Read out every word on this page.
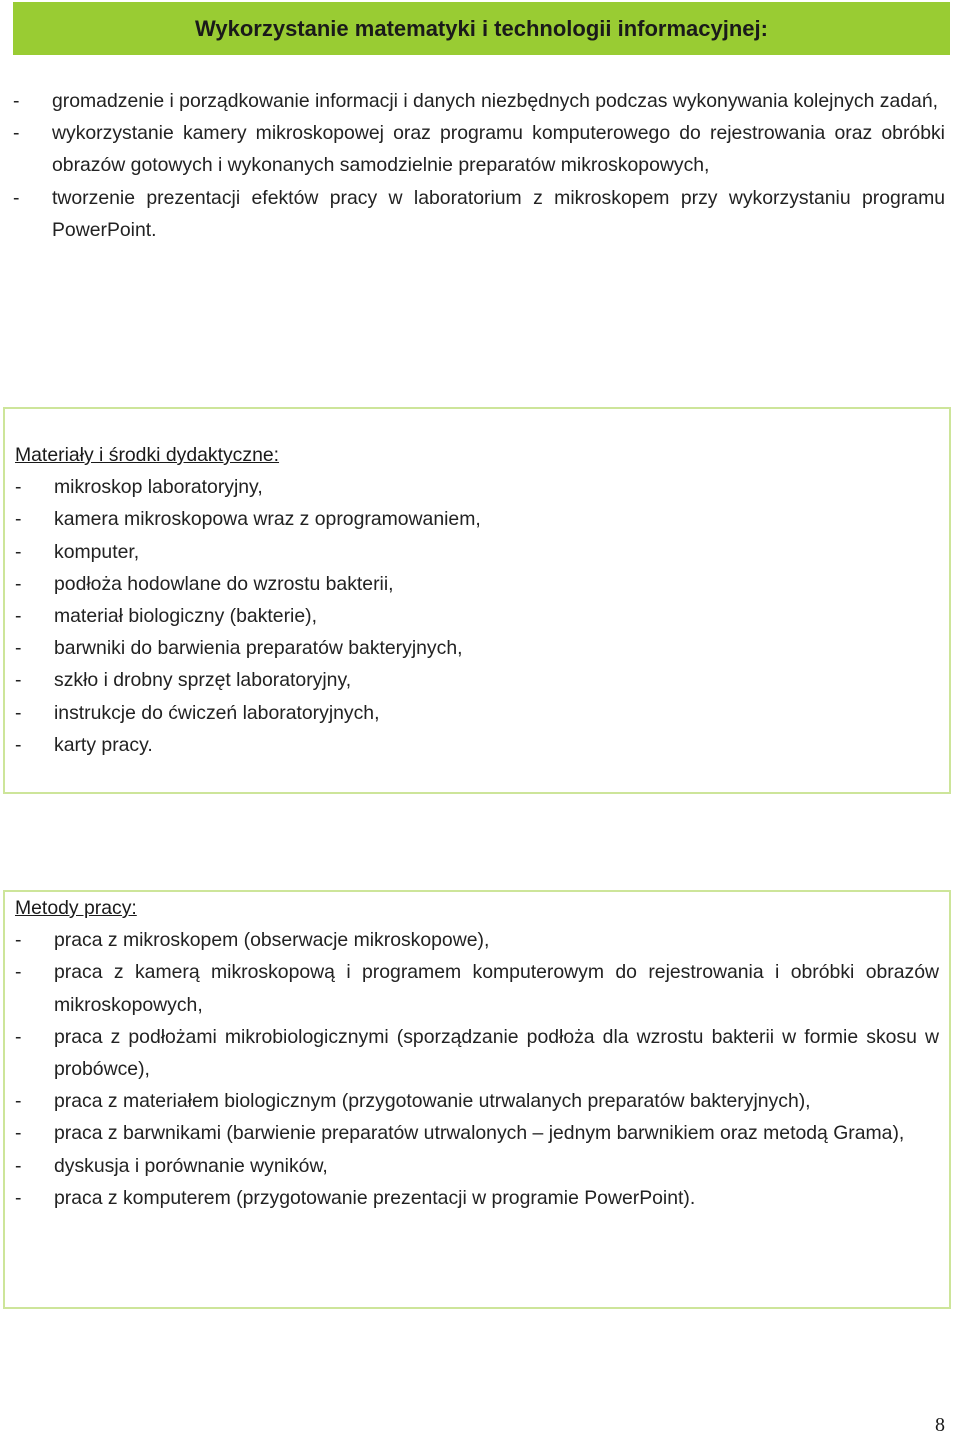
Wykorzystanie matematyki i technologii informacyjnej:
- gromadzenie i porządkowanie informacji i danych niezbędnych podczas wykonywania kolejnych zadań,
- wykorzystanie kamery mikroskopowej oraz programu komputerowego do rejestrowania oraz obróbki obrazów gotowych i wykonanych samodzielnie preparatów mikroskopowych,
- tworzenie prezentacji efektów pracy w laboratorium z mikroskopem przy wykorzystaniu programu PowerPoint.
Materiały i środki dydaktyczne:
- mikroskop laboratoryjny,
- kamera mikroskopowa wraz z oprogramowaniem,
- komputer,
- podłoża hodowlane do wzrostu bakterii,
- materiał biologiczny (bakterie),
- barwniki do barwienia preparatów bakteryjnych,
- szkło i drobny sprzęt laboratoryjny,
- instrukcje do ćwiczeń laboratoryjnych,
- karty pracy.
Metody pracy:
- praca z mikroskopem (obserwacje mikroskopowe),
- praca z kamerą mikroskopową i programem komputerowym do rejestrowania i obróbki obrazów mikroskopowych,
- praca z podłożami mikrobiologicznymi (sporządzanie podłoża dla wzrostu bakterii w formie skosu w probówce),
- praca z materiałem biologicznym (przygotowanie utrwalanych preparatów bakteryjnych),
- praca z barwnikami (barwienie preparatów utrwalonych – jednym barwnikiem oraz metodą Grama),
- dyskusja i porównanie wyników,
- praca z komputerem (przygotowanie prezentacji w programie PowerPoint).
8
